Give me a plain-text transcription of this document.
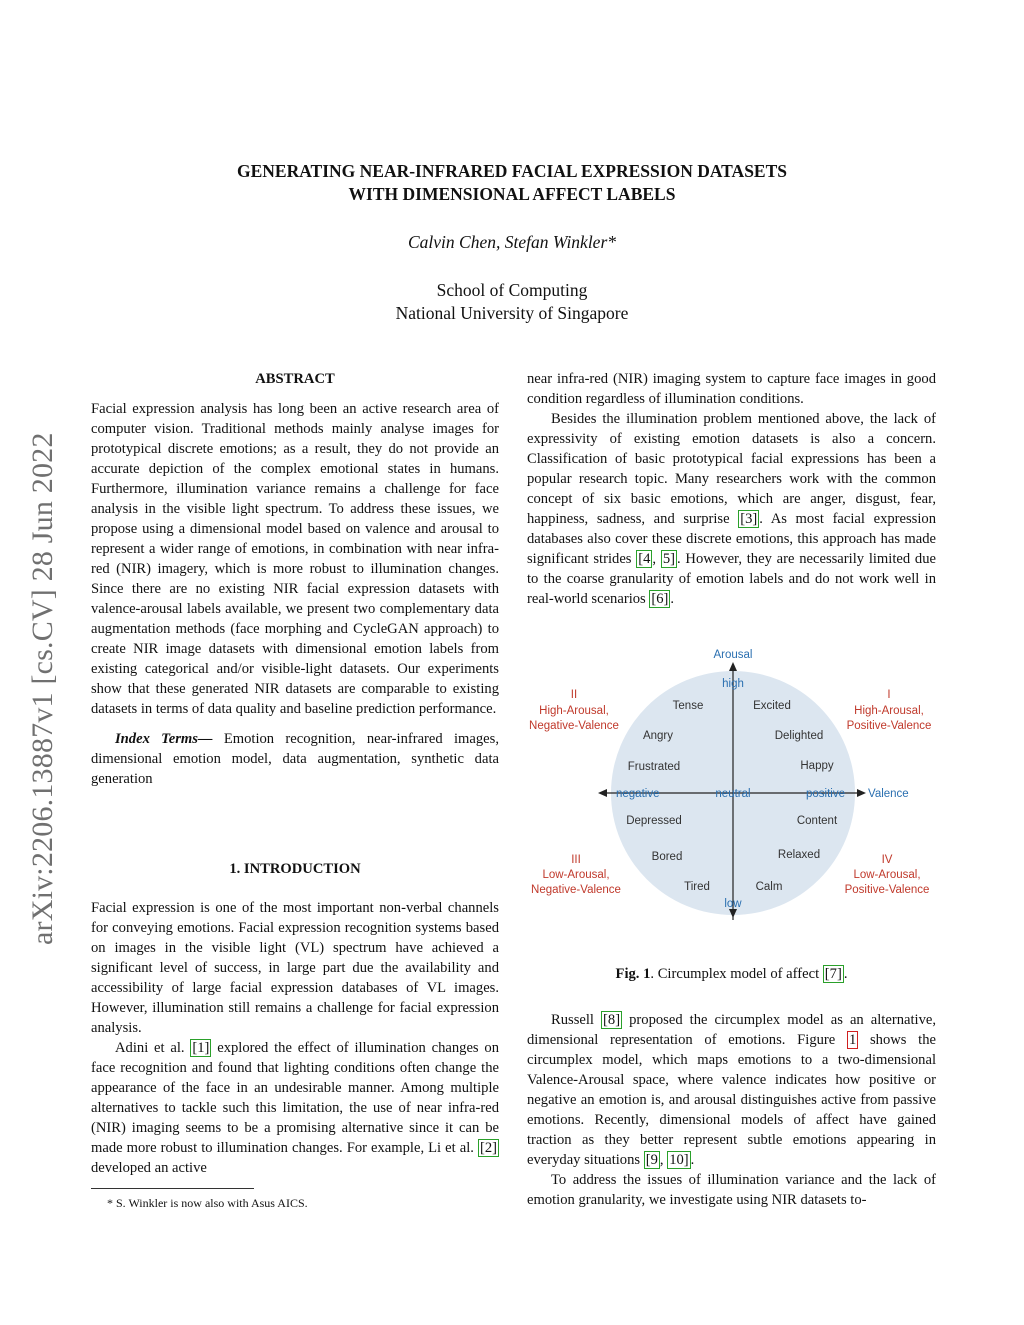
GENERATING NEAR-INFRARED FACIAL EXPRESSION DATASETS
WITH DIMENSIONAL AFFECT LABELS
Calvin Chen, Stefan Winkler*
School of Computing
National University of Singapore
arXiv:2206.13887v1 [cs.CV] 28 Jun 2022

ABSTRACT

Facial expression analysis has long been an active research area of computer vision. Traditional methods mainly analyse images for prototypical discrete emotions; as a result, they do not provide an accurate depiction of the complex emotional states in humans. Furthermore, illumination variance remains a challenge for face analysis in the visible light spectrum. To address these issues, we propose using a dimensional model based on valence and arousal to represent a wider range of emotions, in combination with near infra-red (NIR) imagery, which is more robust to illumination changes. Since there are no existing NIR facial expression datasets with valence-arousal labels available, we present two complementary data augmentation methods (face morphing and CycleGAN approach) to create NIR image datasets with dimensional emotion labels from existing categorical and/or visible-light datasets. Our experiments show that these generated NIR datasets are comparable to existing datasets in terms of data quality and baseline prediction performance.

Index Terms— Emotion recognition, near-infrared images, dimensional emotion model, data augmentation, synthetic data generation

1. INTRODUCTION

Facial expression is one of the most important non-verbal channels for conveying emotions. Facial expression recognition systems based on images in the visible light (VL) spectrum have achieved a significant level of success, in large part due the availability and accessibility of large facial expression databases of VL images. However, illumination still remains a challenge for facial expression analysis.

Adini et al. [1] explored the effect of illumination changes on face recognition and found that lighting conditions often change the appearance of the face in an undesirable manner. Among multiple alternatives to tackle such this limitation, the use of near infra-red (NIR) imaging seems to be a promising alternative since it can be made more robust to illumination changes. For example, Li et al. [2] developed an active

* S. Winkler is now also with Asus AICS.

near infra-red (NIR) imaging system to capture face images in good condition regardless of illumination conditions.

Besides the illumination problem mentioned above, the lack of expressivity of existing emotion datasets is also a concern. Classification of basic prototypical facial expressions has been a popular research topic. Many researchers work with the common concept of six basic emotions, which are anger, disgust, fear, happiness, sadness, and surprise [3] . As most facial expression databases also cover these discrete emotions, this approach has made significant strides [4 , 5] . However, they are necessarily limited due to the coarse granularity of emotion labels and do not work well in real-world scenarios [6] .

Arousal
high
low
negative	neutral	positive Valence
I
High-Arousal,
Positive-Valence
II
High-Arousal,
Negative-Valence
III
Low-Arousal,
Negative-Valence
IV
Low-Arousal,
Positive-Valence
Tense	Excited
Angry	Delighted
Frustrated	Happy
Depressed	Content
Bored	Relaxed
Tired	Calm
Fig. 1. Circumplex model of affect [7] .

Russell [8] proposed the circumplex model as an alternative, dimensional representation of emotions. Figure 1 shows the circumplex model, which maps emotions to a two-dimensional Valence-Arousal space, where valence indicates how positive or negative an emotion is, and arousal distinguishes active from passive emotions. Recently, dimensional models of affect have gained traction as they better represent subtle emotions appearing in everyday situations [9 , 10] .

To address the issues of illumination variance and the lack of emotion granularity, we investigate using NIR datasets to-
